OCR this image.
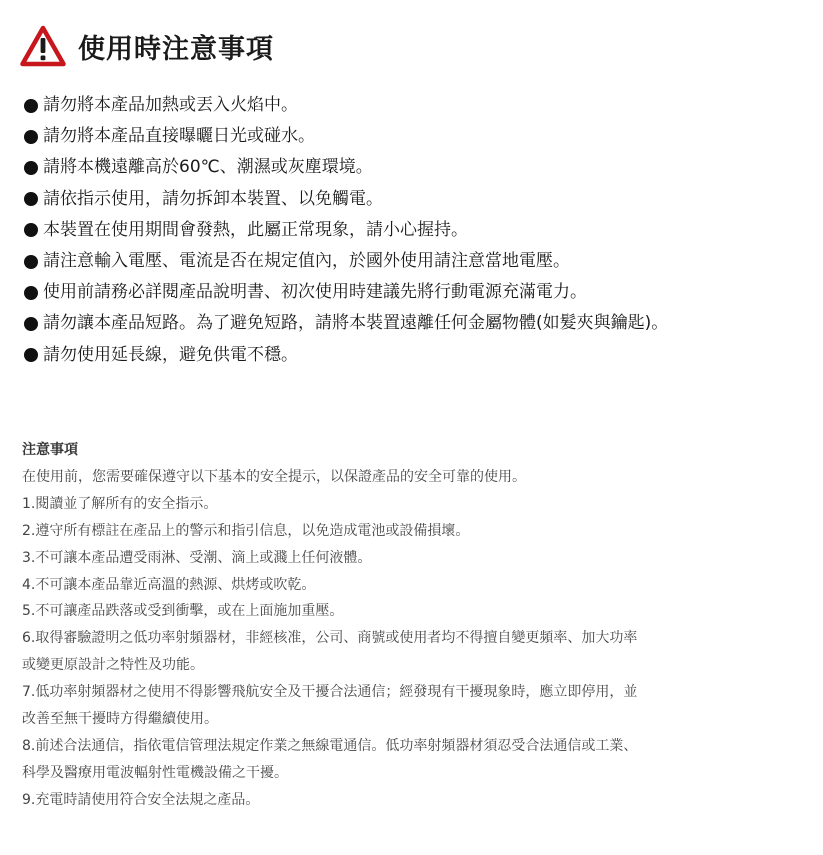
使用時注意事項
請勿將本產品加熱或丟入火焰中。
請勿將本產品直接曝曬日光或碰水。
請將本機遠離高於60℃、潮濕或灰塵環境。
請依指示使用，請勿拆卸本裝置、以免觸電。
本裝置在使用期間會發熱，此屬正常現象，請小心握持。
請注意輸入電壓、電流是否在規定值內，於國外使用請注意當地電壓。
使用前請務必詳閱產品說明書、初次使用時建議先將行動電源充滿電力。
請勿讓本產品短路。為了避免短路，請將本裝置遠離任何金屬物體(如髮夾與鑰匙)。
請勿使用延長線，避免供電不穩。

注意事項

在使用前，您需要確保遵守以下基本的安全提示，以保證產品的安全可靠的使用。

1.閱讀並了解所有的安全指示。

2.遵守所有標註在產品上的警示和指引信息，以免造成電池或設備損壞。

3.不可讓本產品遭受雨淋、受潮、滴上或濺上任何液體。

4.不可讓本產品靠近高溫的熱源、烘烤或吹乾。

5.不可讓產品跌落或受到衝擊，或在上面施加重壓。

6.取得審驗證明之低功率射頻器材，非經核准，公司、商號或使用者均不得擅自變更頻率、加大功率

或變更原設計之特性及功能。

7.低功率射頻器材之使用不得影響飛航安全及干擾合法通信；經發現有干擾現象時，應立即停用，並

改善至無干擾時方得繼續使用。

8.前述合法通信，指依電信管理法規定作業之無線電通信。低功率射頻器材須忍受合法通信或工業、

科學及醫療用電波輻射性電機設備之干擾。

9.充電時請使用符合安全法規之產品。
